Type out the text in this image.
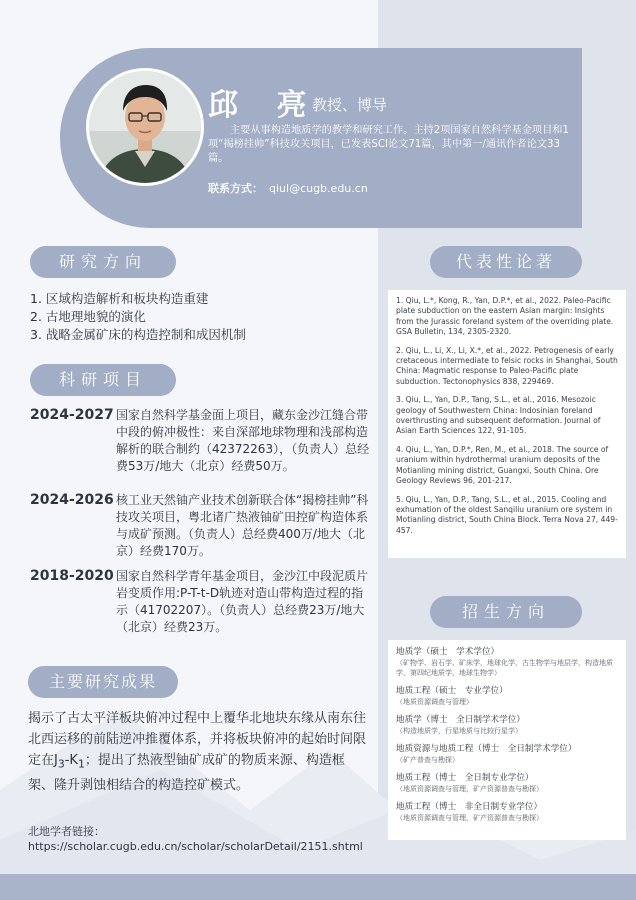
邱 亮
教授、博导
主要从事构造地质学的教学和研究工作。主持2项国家自然科学基金项目和1项“揭榜挂帅”科技攻关项目，已发表SCI论文71篇，其中第一/通讯作者论文33篇。
联系方式： qiul@cugb.edu.cn
研究方向
1. 区域构造解析和板块构造重建
2. 古地理地貌的演化
3. 战略金属矿床的构造控制和成因机制
科研项目
2024-2027 国家自然科学基金面上项目，藏东金沙江缝合带中段的俯冲极性：来自深部地球物理和浅部构造解析的联合制约（42372263），（负责人）总经费53万/地大（北京）经费50万。
2024-2026 核工业天然铀产业技术创新联合体“揭榜挂帅”科技攻关项目，粤北诸广热液铀矿田控矿构造体系与成矿预测。（负责人）总经费400万/地大（北京）经费170万。
2018-2020 国家自然科学青年基金项目，金沙江中段泥质片岩变质作用:P-T-t-D轨迹对造山带构造过程的指示（41702207）。（负责人）总经费23万/地大（北京）经费23万。
主要研究成果
揭示了古太平洋板块俯冲过程中上覆华北地块东缘从南东往北西运移的前陆逆冲推覆体系，并将板块俯冲的起始时间限定在$J_3-K_1$；提出了热液型铀矿成矿的物质来源、构造框架、隆升剥蚀相结合的构造控矿模式。
北地学者链接：
https://scholar.cugb.edu.cn/scholar/scholarDetail/2151.shtml
代表性论著
1. Qiu, L.*, Kong, R., Yan, D.P.*, et al., 2022. Paleo-Pacific plate subduction on the eastern Asian margin: Insights from the Jurassic foreland system of the overriding plate. GSA Bulletin, 134, 2305-2320.
2. Qiu, L., Li, X., Li, X.*, et al., 2022. Petrogenesis of early cretaceous intermediate to felsic rocks in Shanghai, South China: Magmatic response to Paleo-Pacific plate subduction. Tectonophysics 838, 229469.
3. Qiu, L., Yan, D.P., Tang, S.L., et al., 2016. Mesozoic geology of Southwestern China: Indosinian foreland overthrusting and subsequent deformation. Journal of Asian Earth Sciences 122, 91-105.
4. Qiu, L., Yan, D.P.*, Ren, M., et al., 2018. The source of uranium within hydrothermal uranium deposits of the Motianling mining district, Guangxi, South China. Ore Geology Reviews 96, 201-217.
5. Qiu, L., Yan, D.P., Tang, S.L., et al., 2015. Cooling and exhumation of the oldest Sanqiliu uranium ore system in Motianling district, South China Block. Terra Nova 27, 449-457.
招生方向
地质学（硕士　学术学位）
（矿物学、岩石学、矿床学，地球化学，古生物学与地层学，构造地质学，第四纪地质学，地球生物学）
地质工程（硕士　专业学位）
（地质资源调查与管理）
地质学（博士　全日制学术学位）
（构造地质学，行星地质与比较行星学）
地质资源与地质工程（博士　全日制学术学位）
（矿产普查与勘探）
地质工程（博士　全日制专业学位）
（地质资源调查与管理，矿产资源普查与勘探）
地质工程（博士　非全日制专业学位）
（地质资源调查与管理，矿产资源普查与勘探）
